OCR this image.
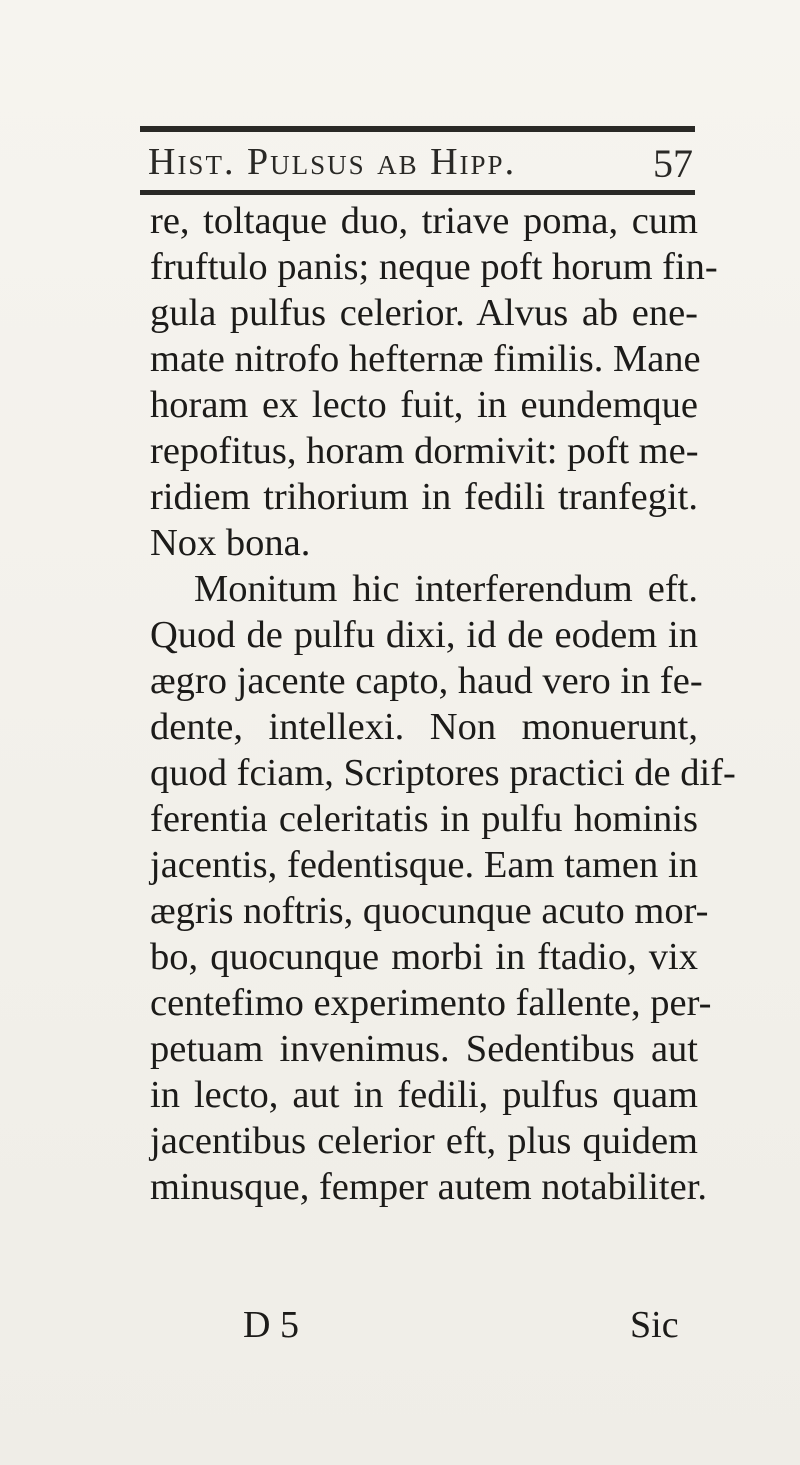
Hist. Pulsus ab Hipp.	57
re, toltaque duo, triave poma, cum
fruftulo panis; neque poft horum fin-
gula pulfus celerior. Alvus ab ene-
mate nitrofo hefternæ fimilis. Mane
horam ex lecto fuit, in eundemque
repofitus, horam dormivit: poft me-
ridiem trihorium in fedili tranfegit.
Nox bona.
Monitum hic interferendum eft.
Quod de pulfu dixi, id de eodem in
ægro jacente capto, haud vero in fe-
dente, intellexi. Non monuerunt,
quod fciam, Scriptores practici de dif-
ferentia celeritatis in pulfu hominis
jacentis, fedentisque. Eam tamen in
ægris noftris, quocunque acuto mor-
bo, quocunque morbi in ftadio, vix
centefimo experimento fallente, per-
petuam invenimus. Sedentibus aut
in lecto, aut in fedili, pulfus quam
jacentibus celerior eft, plus quidem
minusque, femper autem notabiliter.
D 5	Sic
